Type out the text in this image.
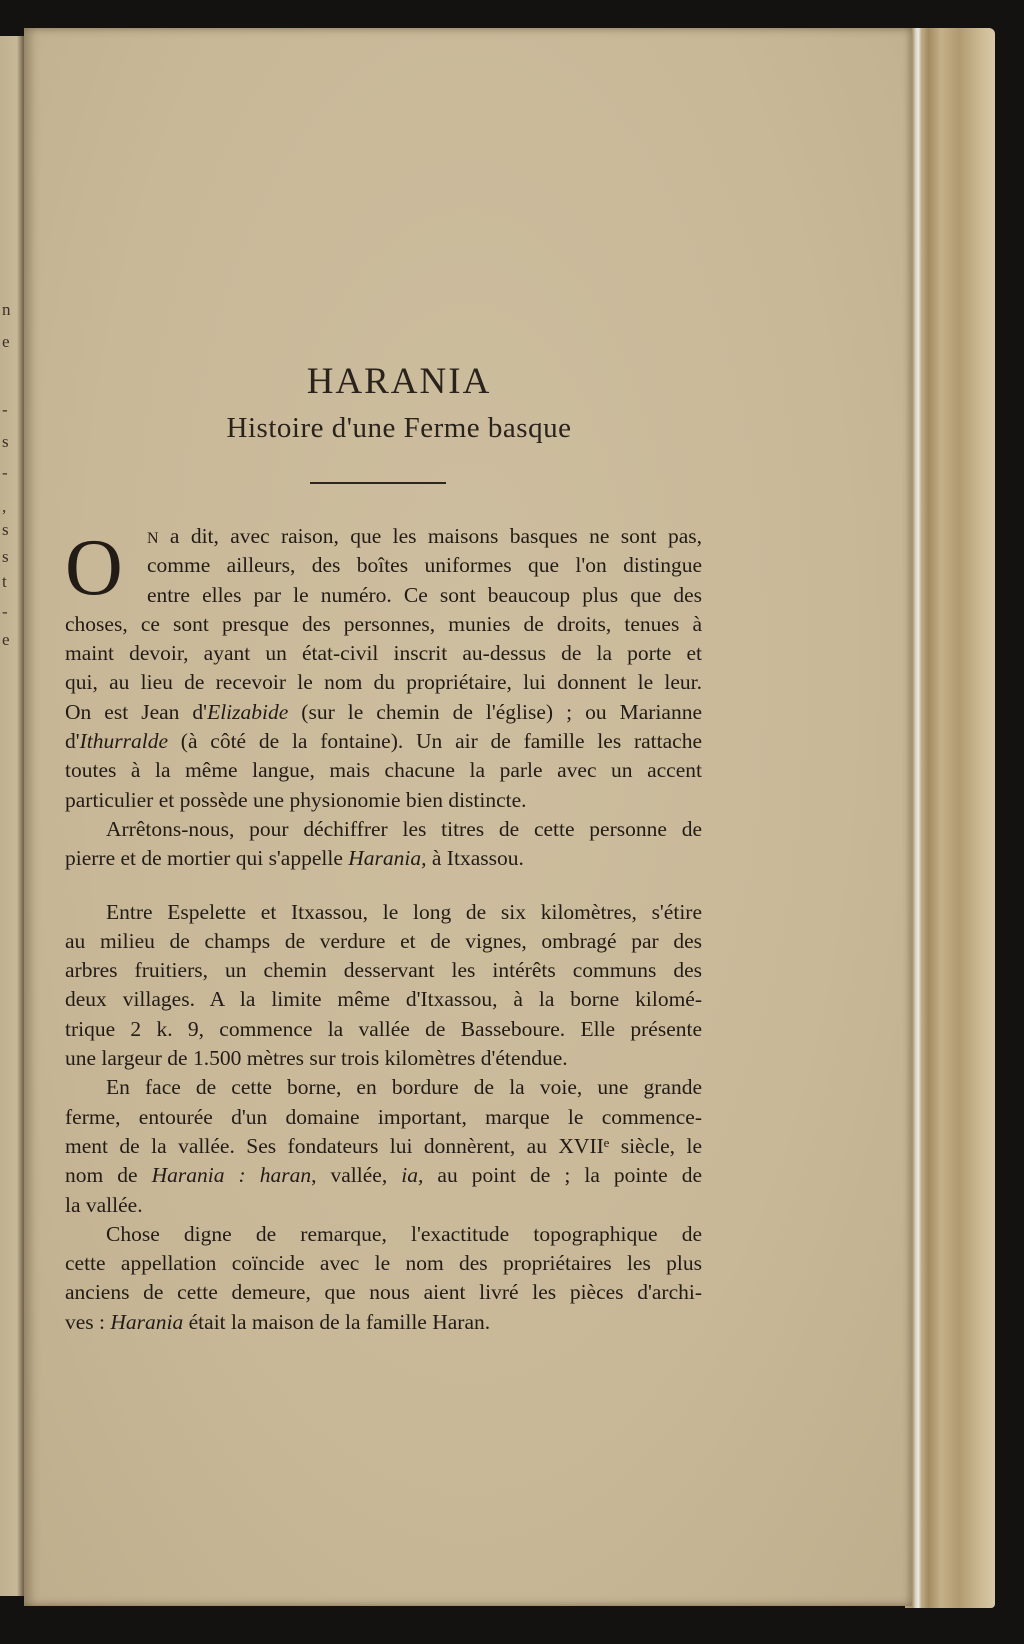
n
e
-
s
-
,
s
s
t
-
e
HARANIA
Histoire d'une Ferme basque
O	N a dit, avec raison, que les maisons basques ne sont pas,
comme ailleurs, des boîtes uniformes que l'on distingue
entre elles par le numéro. Ce sont beaucoup plus que des
choses, ce sont presque des personnes, munies de droits, tenues à
maint devoir, ayant un état-civil inscrit au-dessus de la porte et
qui, au lieu de recevoir le nom du propriétaire, lui donnent le leur.
On est Jean d'Elizabide (sur le chemin de l'église) ; ou Marianne
d'Ithurralde (à côté de la fontaine). Un air de famille les rattache
toutes à la même langue, mais chacune la parle avec un accent
particulier et possède une physionomie bien distincte.
Arrêtons-nous, pour déchiffrer les titres de cette personne de
pierre et de mortier qui s'appelle Harania, à Itxassou.
Entre Espelette et Itxassou, le long de six kilomètres, s'étire
au milieu de champs de verdure et de vignes, ombragé par des
arbres fruitiers, un chemin desservant les intérêts communs des
deux villages. A la limite même d'Itxassou, à la borne kilomé-
trique 2 k. 9, commence la vallée de Basseboure. Elle présente
une largeur de 1.500 mètres sur trois kilomètres d'étendue.
En face de cette borne, en bordure de la voie, une grande
ferme, entourée d'un domaine important, marque le commence-
ment de la vallée. Ses fondateurs lui donnèrent, au XVIIᵉ siècle, le
nom de Harania : haran, vallée, ia, au point de ; la pointe de
la vallée.
Chose digne de remarque, l'exactitude topographique de
cette appellation coïncide avec le nom des propriétaires les plus
anciens de cette demeure, que nous aient livré les pièces d'archi-
ves : Harania était la maison de la famille Haran.
